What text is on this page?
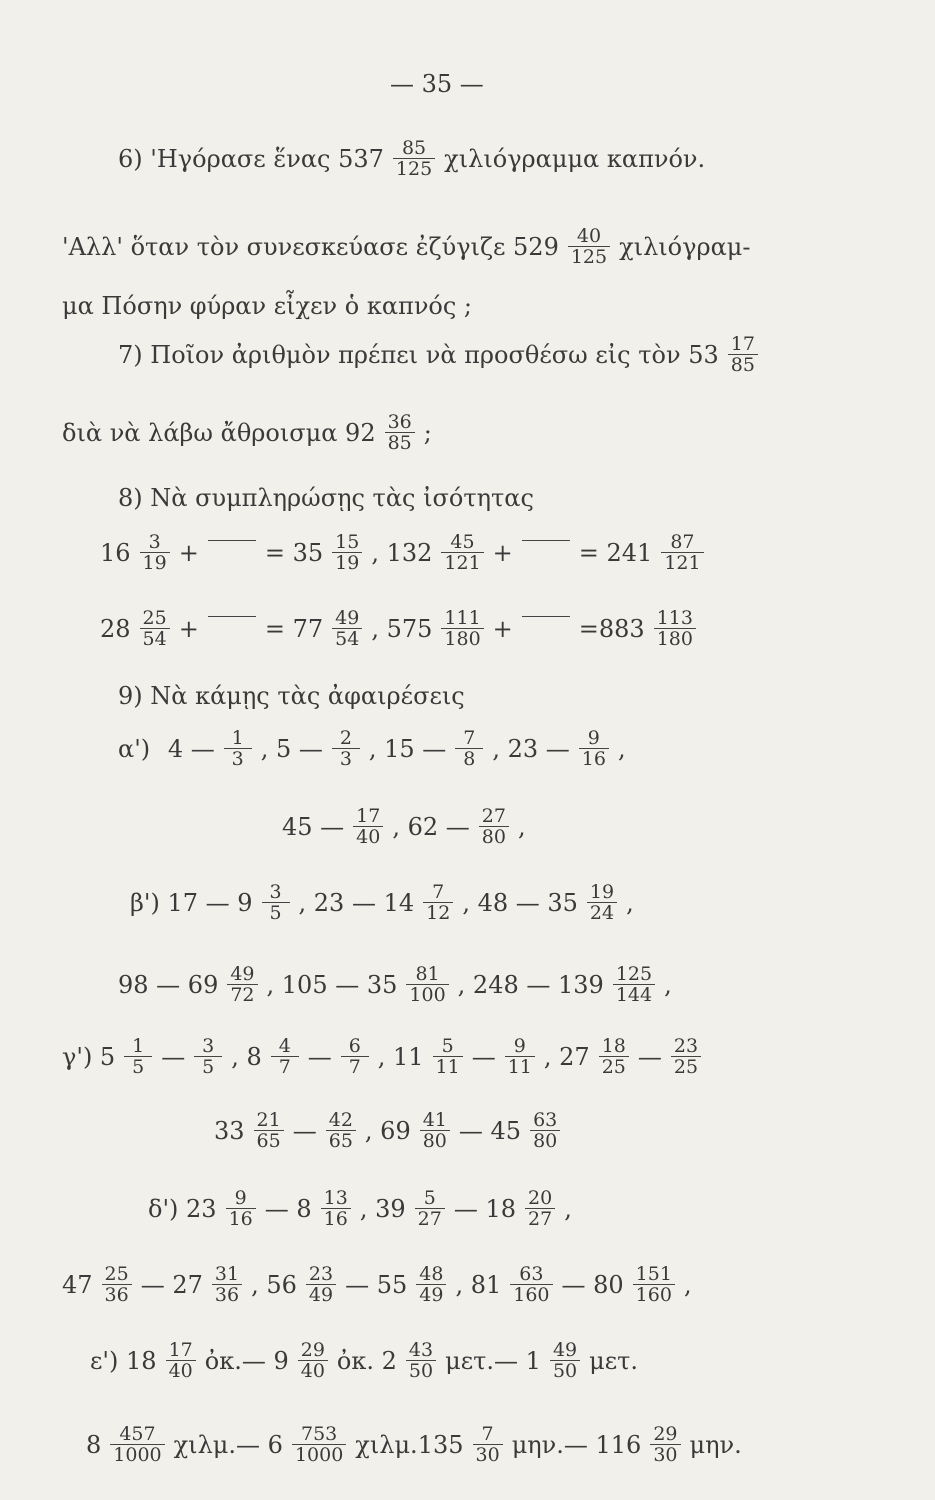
— 35 —
6) 'Ηγόρασε ἕνας $537 \frac{85}{125}$ χιλιόγραμμα καπνόν.
'Αλλ' ὅταν τὸν συνεσκεύασε ἐζύγιζε $529 \frac{40}{125} \chi\iota\lambda\iota ό\gamma\rho\alpha\mu-$
μα Πόσην φύραν εἶχεν ὁ καπνός ;
7) Ποῖον ἀριθμὸν πρέπει νὰ προσθέσω εἰς τὸν $53 \frac{17}{85}$
διὰ νὰ λάβω ἄθροισμα $92 \frac{36}{85}$ ;
8) Νὰ συμπληρώσῃς τὰς ἰσότητας
$16 \frac{3}{19}$ +	= $35 \frac{15}{19}$ , $132 \frac{45}{121}$ +	= $241 \frac{87}{121}$
$28 \frac{25}{54}$ +	= $77 \frac{49}{54}$ , $575 \frac{111}{180}$ +	$=883 \frac{113}{180}$
9) Νὰ κάμῃς τὰς ἀφαιρέσεις
α')
4 — $\frac{1}{3}$ , 5 — $\frac{2}{3}$ , 15 — $\frac{7}{8}$ , 23 — $\frac{9}{16}$ ,
45 — $\frac{17}{40}$ , 62 — $\frac{27}{80}$ ,
β') 17 — $9 \frac{3}{5}$ , 23 — $14 \frac{7}{12}$ , 48 — $35 \frac{19}{24}$ ,
98 — $69 \frac{49}{72}$ , 105 — $35 \frac{81}{100}$ , 248 — $139 \frac{125}{144}$ ,
γ') $5 \frac{1}{5}$ — $\frac{3}{5}$ , $8 \frac{4}{7}$ — $\frac{6}{7}$ , $11 \frac{5}{11}$ — $\frac{9}{11}$ , $27 \frac{18}{25}$ — $\frac{23}{25}$
$33 \frac{21}{65}$ — $\frac{42}{65}$ , $69 \frac{41}{80}$ — $45 \frac{63}{80}$
δ') $23 \frac{9}{16}$ — $8 \frac{13}{16}$ , $39 \frac{5}{27}$ — $18 \frac{20}{27}$ ,
$47 \frac{25}{36}$ — $27 \frac{31}{36}$ , $56 \frac{23}{49}$ — $55 \frac{48}{49}$ , $81 \frac{63}{160}$ — $80 \frac{151}{160}$ ,
ε') $18 \frac{17}{40}$ ὀκ.— $9 \frac{29}{40}$ ὀκ. $2 \frac{43}{50}$ μετ.— $1 \frac{49}{50} \mu\varepsilon\tau$.
$8 \frac{457}{1000}$ χιλμ.— $6 \frac{753}{1000} \chi\iota\lambda\mu.135 \frac{7}{30}$ μην.— $116 \frac{29}{30} \mu\eta\nu$.
